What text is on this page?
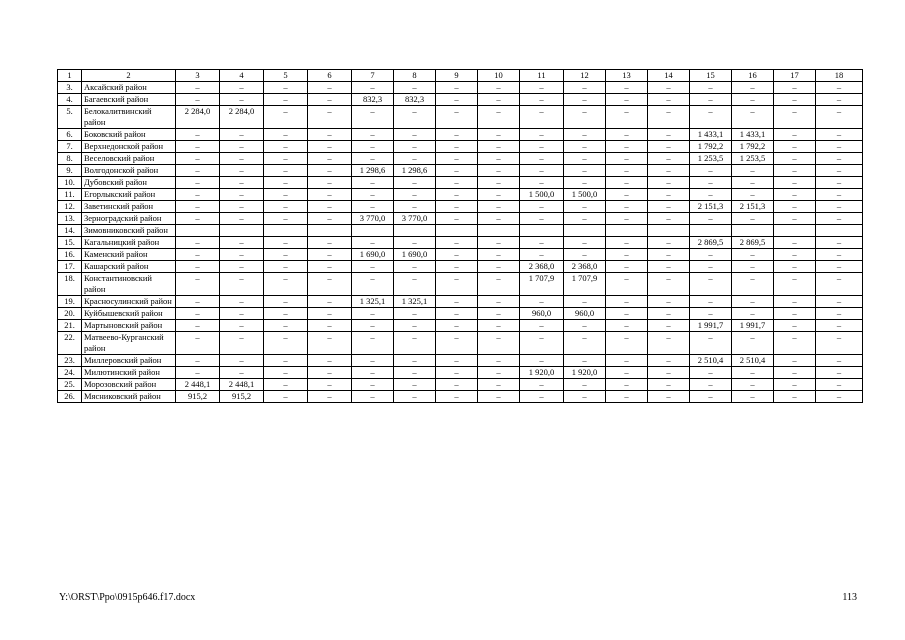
1	2	3	4	5	6	7	8	9	10	11	12	13	14	15	16	17	18
3.	Аксайский район	–	–	–	–	–	–	–	–	–	–	–	–	–	–	–	–
4.	Багаевский район	–	–	–	–	832,3	832,3	–	–	–	–	–	–	–	–	–	–
5.	Белокалитвинский район	2 284,0	2 284,0	–	–	–	–	–	–	–	–	–	–	–	–	–	–
6.	Боковский район	–	–	–	–	–	–	–	–	–	–	–	–	1 433,1	1 433,1	–	–
7.	Верхнедонской район	–	–	–	–	–	–	–	–	–	–	–	–	1 792,2	1 792,2	–	–
8.	Веселовский район	–	–	–	–	–	–	–	–	–	–	–	–	1 253,5	1 253,5	–	–
9.	Волгодонской район	–	–	–	–	1 298,6	1 298,6	–	–	–	–	–	–	–	–	–	–
10.	Дубовский район	–	–	–	–	–	–	–	–	–	–	–	–	–	–	–	–
11.	Егорлыкский район	–	–	–	–	–	–	–	–	1 500,0	1 500,0	–	–	–	–	–	–
12.	Заветинский район	–	–	–	–	–	–	–	–	–	–	–	–	2 151,3	2 151,3	–	–
13.	Зерноградский район	–	–	–	–	3 770,0	3 770,0	–	–	–	–	–	–	–	–	–	–
14.	Зимовниковский район																
15.	Кагальницкий район	–	–	–	–	–	–	–	–	–	–	–	–	2 869,5	2 869,5	–	–
16.	Каменский район	–	–	–	–	1 690,0	1 690,0	–	–	–	–	–	–	–	–	–	–
17.	Кашарский район	–	–	–	–	–	–	–	–	2 368,0	2 368,0	–	–	–	–	–	–
18.	Константиновский район	–	–	–	–	–	–	–	–	1 707,9	1 707,9	–	–	–	–	–	–
19.	Красносулинский район	–	–	–	–	1 325,1	1 325,1	–	–	–	–	–	–	–	–	–	–
20.	Куйбышевский район	–	–	–	–	–	–	–	–	960,0	960,0	–	–	–	–	–	–
21.	Мартыновский район	–	–	–	–	–	–	–	–	–	–	–	–	1 991,7	1 991,7	–	–
22.	Матвеево-Курганский район	–	–	–	–	–	–	–	–	–	–	–	–	–	–	–	–
23.	Миллеровский район	–	–	–	–	–	–	–	–	–	–	–	–	2 510,4	2 510,4	–	–
24.	Милютинский район	–	–	–	–	–	–	–	–	1 920,0	1 920,0	–	–	–	–	–	–
25.	Морозовский район	2 448,1	2 448,1	–	–	–	–	–	–	–	–	–	–	–	–	–	–
26.	Мясниковский район	915,2	915,2	–	–	–	–	–	–	–	–	–	–	–	–	–	–
Y:\ORST\Ppo\0915p646.f17.docx	113
